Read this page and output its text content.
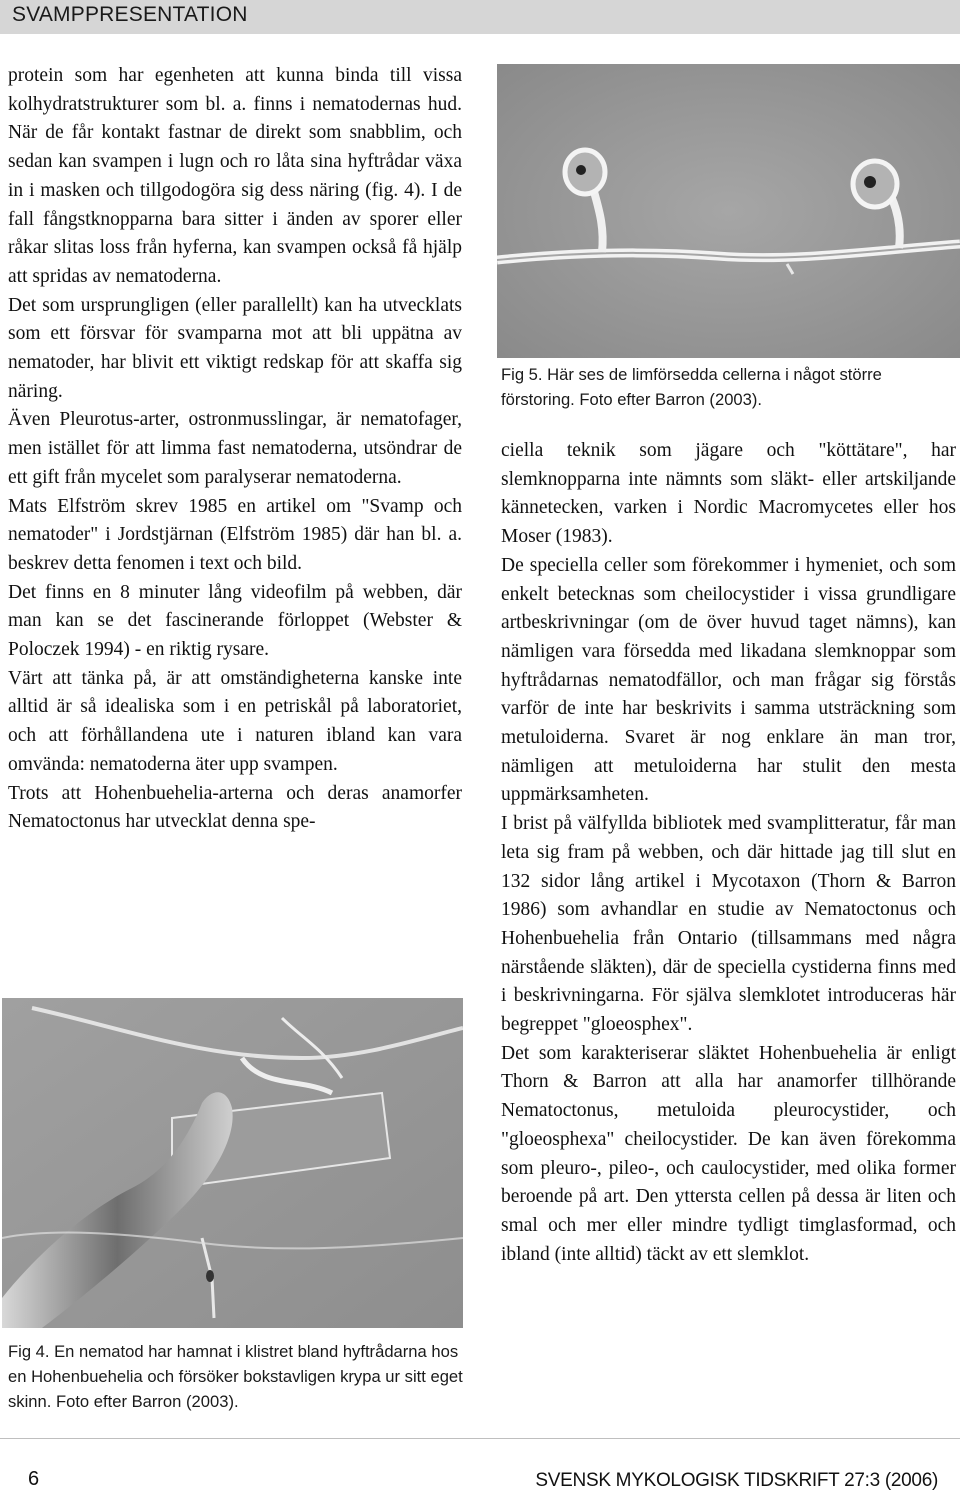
SVAMPPRESENTATION

protein som har egenheten att kunna binda till vissa kolhydratstrukturer som bl. a. finns i nematodernas hud. När de får kontakt fastnar de direkt som snabblim, och sedan kan svampen i lugn och ro låta sina hyftrådar växa in i masken och tillgodogöra sig dess näring (fig. 4). I de fall fångstknopparna bara sitter i änden av sporer eller råkar slitas loss från hyferna, kan svampen också få hjälp att spridas av nematoderna.

Det som ursprungligen (eller parallellt) kan ha utvecklats som ett försvar för svamparna mot att bli uppätna av nematoder, har blivit ett viktigt redskap för att skaffa sig näring.

Även Pleurotus-arter, ostronmusslingar, är nematofager, men istället för att limma fast nematoderna, utsöndrar de ett gift från mycelet som paralyserar nematoderna.

Mats Elfström skrev 1985 en artikel om "Svamp och nematoder" i Jordstjärnan (Elfström 1985) där han bl. a. beskrev detta fenomen i text och bild.

Det finns en 8 minuter lång videofilm på webben, där man kan se det fascinerande förloppet (Webster & Poloczek 1994) - en riktig rysare.

Värt att tänka på, är att omständigheterna kanske inte alltid är så idealiska som i en petriskål på laboratoriet, och att förhållandena ute i naturen ibland kan vara omvända: nematoderna äter upp svampen.

Trots att Hohenbuehelia-arterna och deras anamorfer Nematoctonus har utvecklat denna spe-

Fig 5. Här ses de limförsedda cellerna i något större förstoring. Foto efter Barron (2003).

ciella teknik som jägare och "köttätare", har slemknopparna inte nämnts som släkt- eller artskiljande kännetecken, varken i Nordic Macromycetes eller hos Moser (1983).

De speciella celler som förekommer i hymeniet, och som enkelt betecknas som cheilocystider i vissa grundligare artbeskrivningar (om de över huvud taget nämns), kan nämligen vara försedda med likadana slemknoppar som hyftrådarnas nematodfällor, och man frågar sig förstås varför de inte har beskrivits i samma utsträckning som metuloiderna. Svaret är nog enklare än man tror, nämligen att metuloiderna har stulit den mesta uppmärksamheten.

I brist på välfyllda bibliotek med svamplitteratur, får man leta sig fram på webben, och där hittade jag till slut en 132 sidor lång artikel i Mycotaxon (Thorn & Barron 1986) som avhandlar en studie av Nematoctonus och Hohenbuehelia från Ontario (tillsammans med några närstående släkten), där de speciella cystiderna finns med i beskrivningarna. För själva slemklotet introduceras här begreppet "gloeosphex".

Det som karakteriserar släktet Hohenbuehelia är enligt Thorn & Barron att alla har anamorfer tillhörande Nematoctonus, metuloida pleurocystider, och "gloeosphexa" cheilocystider. De kan även förekomma som pleuro-, pileo-, och caulocystider, med olika former beroende på art. Den yttersta cellen på dessa är liten och smal och mer eller mindre tydligt timglasformad, och ibland (inte alltid) täckt av ett slemklot.

Fig 4. En nematod har hamnat i klistret bland hyftrådarna hos en Hohenbuehelia och försöker bokstavligen krypa ur sitt eget skinn. Foto efter Barron (2003).
6	SVENSK MYKOLOGISK TIDSKRIFT 27:3 (2006)
